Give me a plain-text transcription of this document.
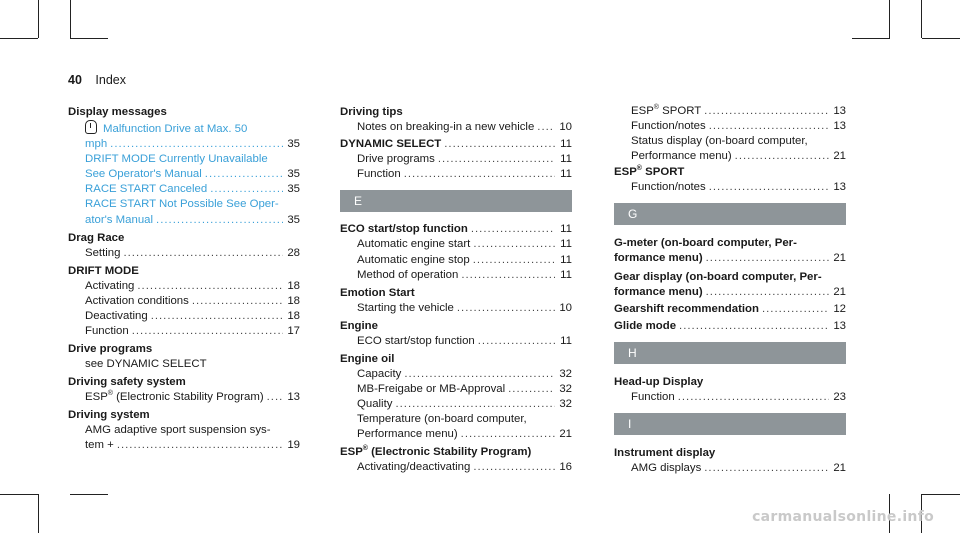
40 Index
Display messages
Malfunction Drive at Max. 50
mph .....	35
DRIFT MODE Currently Unavailable
See Operator's Manual .....	35
RACE START Canceled .....	35
RACE START Not Possible See Oper-
ator's Manual .....	35
Drag Race
Setting .....	28
DRIFT MODE
Activating .....	18
Activation conditions .....	18
Deactivating .....	18
Function .....	17
Drive programs
see DYNAMIC SELECT
Driving safety system
ESP® (Electronic Stability Program) ..... 13
Driving system
AMG adaptive sport suspension sys-
tem + .....	19
Driving tips
Notes on breaking-in a new vehicle ..... 10
DYNAMIC SELECT .....	11
Drive programs .....	11
Function .....	11
E
ECO start/stop function .....	11
Automatic engine start .....	11
Automatic engine stop .....	11
Method of operation .....	11
Emotion Start
Starting the vehicle .....	10
Engine
ECO start/stop function .....	11
Engine oil
Capacity .....	32
MB-Freigabe or MB-Approval .....	32
Quality .....	32
Temperature (on-board computer,
Performance menu) .....	21
ESP® (Electronic Stability Program)
Activating/deactivating .....	16
ESP® SPORT .....	13
Function/notes .....	13
Status display (on-board computer,
Performance menu) .....	21
ESP® SPORT
Function/notes .....	13
G
G-meter (on-board computer, Per-
formance menu) .....	21
Gear display (on-board computer, Per-
formance menu) .....	21
Gearshift recommendation .....	12
Glide mode .....	13
H
Head-up Display
Function .....	23
I
Instrument display
AMG displays .....	21
carmanualsonline.info
